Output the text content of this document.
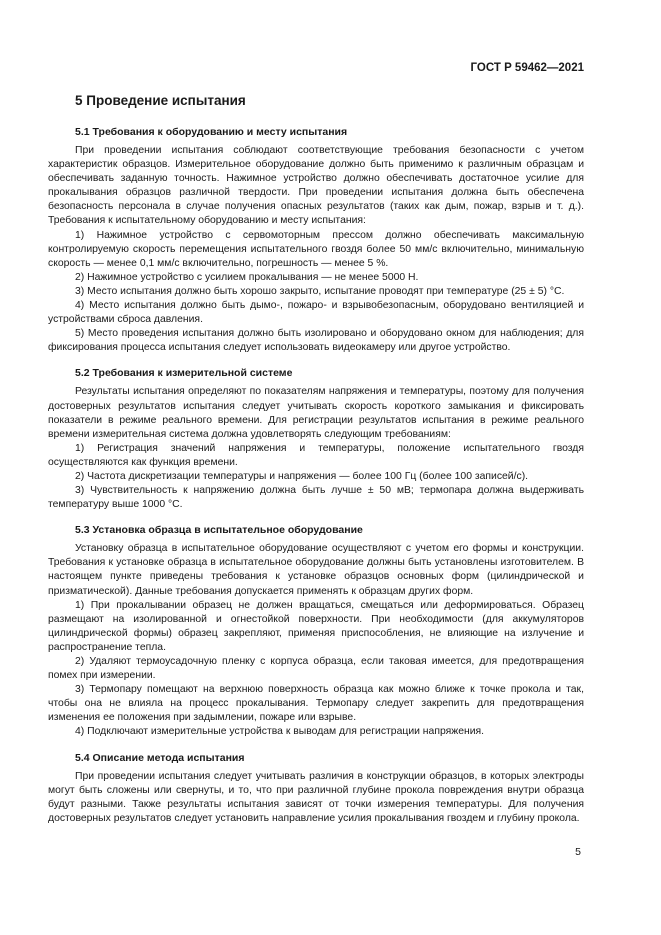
ГОСТ Р 59462—2021
5 Проведение испытания
5.1 Требования к оборудованию и месту испытания

При проведении испытания соблюдают соответствующие требования безопасности с учетом характеристик образцов. Измерительное оборудование должно быть применимо к различным образцам и обеспечивать заданную точность. Нажимное устройство должно обеспечивать достаточное усилие для прокалывания образцов различной твердости. При проведении испытания должна быть обеспечена безопасность персонала в случае получения опасных результатов (таких как дым, пожар, взрыв и т. д.). Требования к испытательному оборудованию и месту испытания:

1) Нажимное устройство с сервомоторным прессом должно обеспечивать максимальную контролируемую скорость перемещения испытательного гвоздя более 50 мм/с включительно, минимальную скорость — менее 0,1 мм/с включительно, погрешность — менее 5 %.

2) Нажимное устройство с усилием прокалывания — не менее 5000 Н.

3) Место испытания должно быть хорошо закрыто, испытание проводят при температуре (25 ± 5) °С.

4) Место испытания должно быть дымо-, пожаро- и взрывобезопасным, оборудовано вентиляцией и устройствами сброса давления.

5) Место проведения испытания должно быть изолировано и оборудовано окном для наблюдения; для фиксирования процесса испытания следует использовать видеокамеру или другое устройство.

5.2 Требования к измерительной системе

Результаты испытания определяют по показателям напряжения и температуры, поэтому для получения достоверных результатов испытания следует учитывать скорость короткого замыкания и фиксировать показатели в режиме реального времени. Для регистрации результатов испытания в режиме реального времени измерительная система должна удовлетворять следующим требованиям:

1) Регистрация значений напряжения и температуры, положение испытательного гвоздя осуществляются как функция времени.

2) Частота дискретизации температуры и напряжения — более 100 Гц (более 100 записей/с).

3) Чувствительность к напряжению должна быть лучше ± 50 мВ; термопара должна выдерживать температуру выше 1000 °С.

5.3 Установка образца в испытательное оборудование

Установку образца в испытательное оборудование осуществляют с учетом его формы и конструкции. Требования к установке образца в испытательное оборудование должны быть установлены изготовителем. В настоящем пункте приведены требования к установке образцов основных форм (цилиндрической и призматической). Данные требования допускается применять к образцам других форм.

1) При прокалывании образец не должен вращаться, смещаться или деформироваться. Образец размещают на изолированной и огнестойкой поверхности. При необходимости (для аккумуляторов цилиндрической формы) образец закрепляют, применяя приспособления, не влияющие на излучение и распространение тепла.

2) Удаляют термоусадочную пленку с корпуса образца, если таковая имеется, для предотвращения помех при измерении.

3) Термопару помещают на верхнюю поверхность образца как можно ближе к точке прокола и так, чтобы она не влияла на процесс прокалывания. Термопару следует закрепить для предотвращения изменения ее положения при задымлении, пожаре или взрыве.

4) Подключают измерительные устройства к выводам для регистрации напряжения.

5.4 Описание метода испытания

При проведении испытания следует учитывать различия в конструкции образцов, в которых электроды могут быть сложены или свернуты, и то, что при различной глубине прокола повреждения внутри образца будут разными. Также результаты испытания зависят от точки измерения температуры. Для получения достоверных результатов следует установить направление усилия прокалывания гвоздем и глубину прокола.

5
